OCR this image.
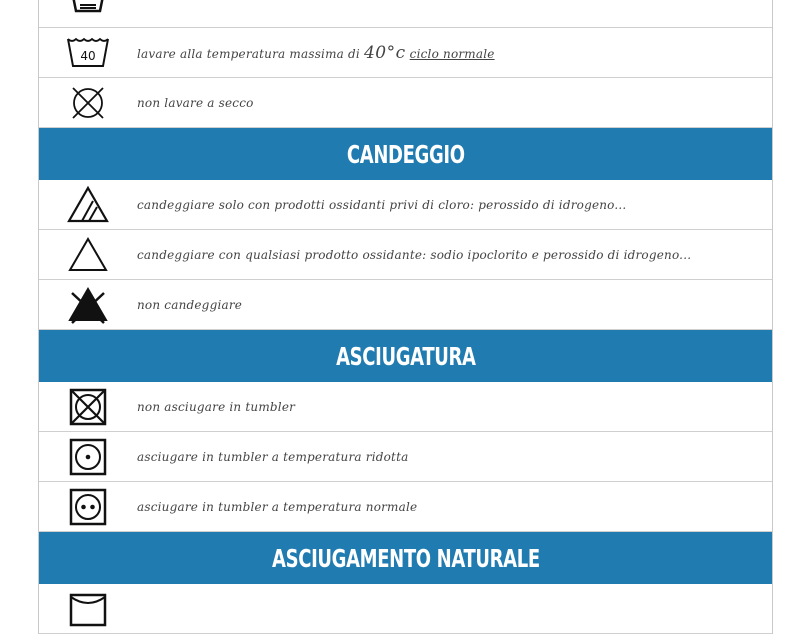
40	lavare alla temperatura massima di 40°c ciclo normale
non lavare a secco
CANDEGGIO
candeggiare solo con prodotti ossidanti privi di cloro: perossido di idrogeno...
candeggiare con qualsiasi prodotto ossidante: sodio ipoclorito e perossido di idrogeno...
non candeggiare
ASCIUGATURA
non asciugare in tumbler
asciugare in tumbler a temperatura ridotta
asciugare in tumbler a temperatura normale
ASCIUGAMENTO NATURALE
